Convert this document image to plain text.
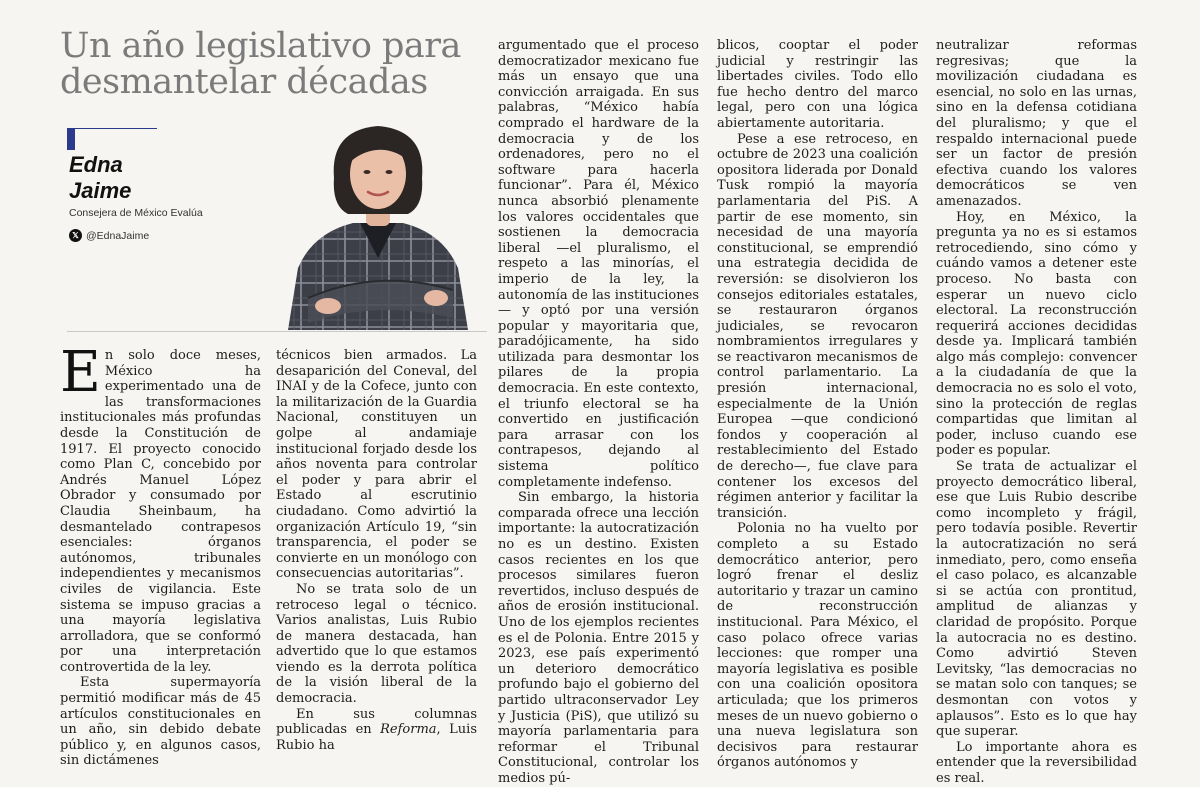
Un año legislativo para desmantelar décadas
Edna
Jaime
Consejera de México Evalúa
𝕏 @EdnaJaime

En solo doce meses, México ha experimentado una de las transformaciones institucionales más profundas desde la Constitución de 1917. El proyecto conocido como Plan C, concebido por Andrés Manuel López Obrador y consumado por Claudia Sheinbaum, ha desmantelado contrapesos esenciales: órganos autónomos, tribunales independientes y mecanismos civiles de vigilancia. Este sistema se impuso gracias a una mayoría legislativa arrolladora, que se conformó por una interpretación controvertida de la ley.

Esta supermayoría permitió modificar más de 45 artículos constitucionales en un año, sin debido debate público y, en algunos casos, sin dictámenes

técnicos bien armados. La desaparición del Coneval, del INAI y de la Cofece, junto con la militarización de la Guardia Nacional, constituyen un golpe al andamiaje institucional forjado desde los años noventa para controlar el poder y para abrir el Estado al escrutinio ciudadano. Como advirtió la organización Artículo 19, “sin transparencia, el poder se convierte en un monólogo con consecuencias autoritarias”.

No se trata solo de un retroceso legal o técnico. Varios analistas, Luis Rubio de manera destacada, han advertido que lo que estamos viendo es la derrota política de la visión liberal de la democracia.

En sus columnas publicadas en Reforma, Luis Rubio ha

argumentado que el proceso democratizador mexicano fue más un ensayo que una convicción arraigada. En sus palabras, “México había comprado el hardware de la democracia y de los ordenadores, pero no el software para hacerla funcionar”. Para él, México nunca absorbió plenamente los valores occidentales que sostienen la democracia liberal —el pluralismo, el respeto a las minorías, el imperio de la ley, la autonomía de las instituciones— y optó por una versión popular y mayoritaria que, paradójicamente, ha sido utilizada para desmontar los pilares de la propia democracia. En este contexto, el triunfo electoral se ha convertido en justificación para arrasar con los contrapesos, dejando al sistema político completamente indefenso.

Sin embargo, la historia comparada ofrece una lección importante: la autocratización no es un destino. Existen casos recientes en los que procesos similares fueron revertidos, incluso después de años de erosión institucional. Uno de los ejemplos recientes es el de Polonia. Entre 2015 y 2023, ese país experimentó un deterioro democrático profundo bajo el gobierno del partido ultraconservador Ley y Justicia (PiS), que utilizó su mayoría parlamentaria para reformar el Tribunal Constitucional, controlar los medios pú-

blicos, cooptar el poder judicial y restringir las libertades civiles. Todo ello fue hecho dentro del marco legal, pero con una lógica abiertamente autoritaria.

Pese a ese retroceso, en octubre de 2023 una coalición opositora liderada por Donald Tusk rompió la mayoría parlamentaria del PiS. A partir de ese momento, sin necesidad de una mayoría constitucional, se emprendió una estrategia decidida de reversión: se disolvieron los consejos editoriales estatales, se restauraron órganos judiciales, se revocaron nombramientos irregulares y se reactivaron mecanismos de control parlamentario. La presión internacional, especialmente de la Unión Europea —que condicionó fondos y cooperación al restablecimiento del Estado de derecho—, fue clave para contener los excesos del régimen anterior y facilitar la transición.

Polonia no ha vuelto por completo a su Estado democrático anterior, pero logró frenar el desliz autoritario y trazar un camino de reconstrucción institucional. Para México, el caso polaco ofrece varias lecciones: que romper una mayoría legislativa es posible con una coalición opositora articulada; que los primeros meses de un nuevo gobierno o una nueva legislatura son decisivos para restaurar órganos autónomos y

neutralizar reformas regresivas; que la movilización ciudadana es esencial, no solo en las urnas, sino en la defensa cotidiana del pluralismo; y que el respaldo internacional puede ser un factor de presión efectiva cuando los valores democráticos se ven amenazados.

Hoy, en México, la pregunta ya no es si estamos retrocediendo, sino cómo y cuándo vamos a detener este proceso. No basta con esperar un nuevo ciclo electoral. La reconstrucción requerirá acciones decididas desde ya. Implicará también algo más complejo: convencer a la ciudadanía de que la democracia no es solo el voto, sino la protección de reglas compartidas que limitan al poder, incluso cuando ese poder es popular.

Se trata de actualizar el proyecto democrático liberal, ese que Luis Rubio describe como incompleto y frágil, pero todavía posible. Revertir la autocratización no será inmediato, pero, como enseña el caso polaco, es alcanzable si se actúa con prontitud, amplitud de alianzas y claridad de propósito. Porque la autocracia no es destino. Como advirtió Steven Levitsky, “las democracias no se matan solo con tanques; se desmontan con votos y aplausos”. Esto es lo que hay que superar.

Lo importante ahora es entender que la reversibilidad es real.
